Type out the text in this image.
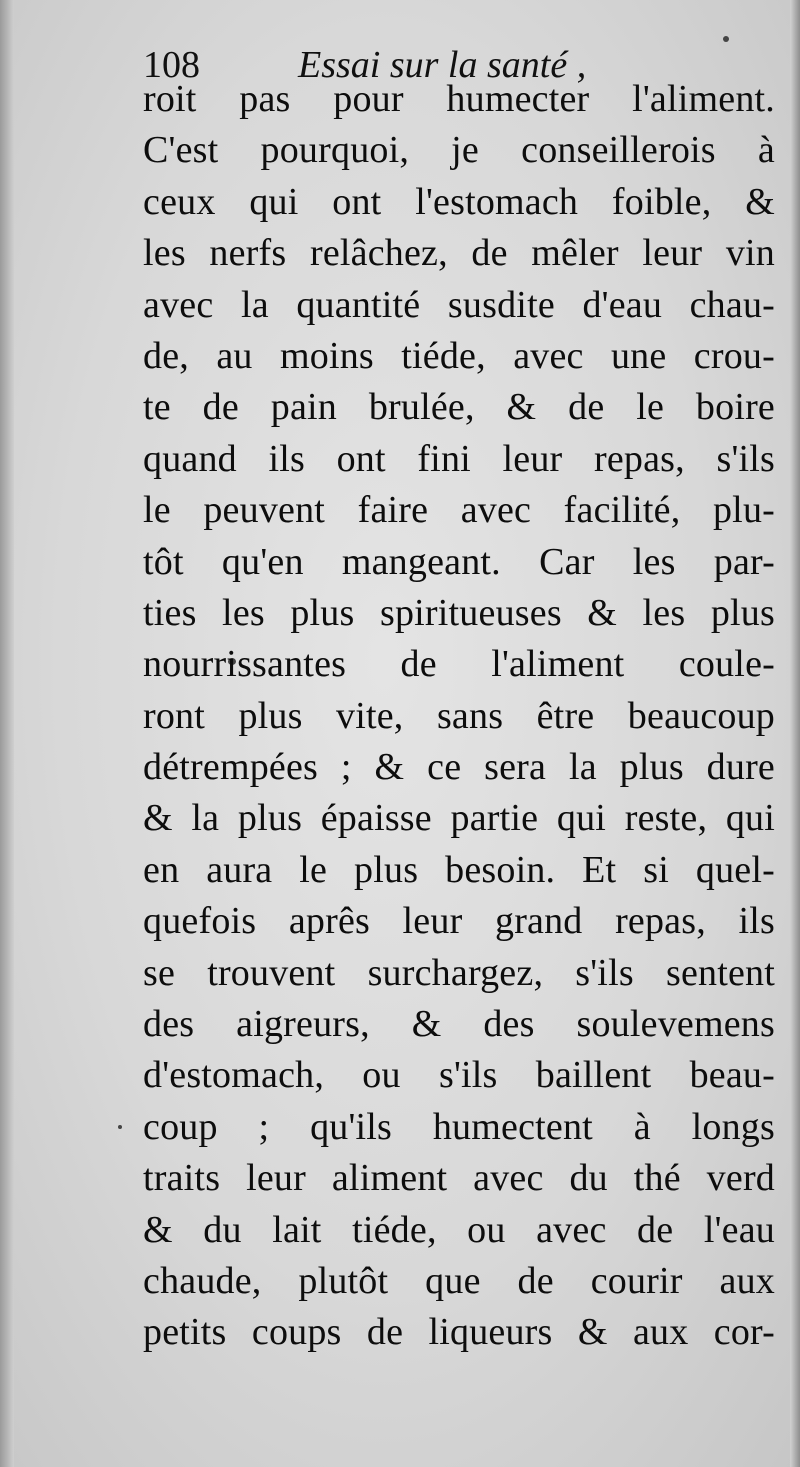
108	Essai sur la santé ,
roit pas pour humecter l'aliment.
C'est pourquoi, je conseillerois à
ceux qui ont l'estomach foible, &
les nerfs relâchez, de mêler leur vin
avec la quantité susdite d'eau chau-
de, au moins tiéde, avec une crou-
te de pain brulée, & de le boire
quand ils ont fini leur repas, s'ils
le peuvent faire avec facilité, plu-
tôt qu'en mangeant. Car les par-
ties les plus spiritueuses & les plus
nourrissantes de l'aliment coule-
ront plus vite, sans être beaucoup
détrempées ; & ce sera la plus dure
& la plus épaisse partie qui reste, qui
en aura le plus besoin. Et si quel-
quefois aprês leur grand repas, ils
se trouvent surchargez, s'ils sentent
des aigreurs, & des soulevemens
d'estomach, ou s'ils baillent beau-
coup ; qu'ils humectent à longs
traits leur aliment avec du thé verd
& du lait tiéde, ou avec de l'eau
chaude, plutôt que de courir aux
petits coups de liqueurs & aux cor-
